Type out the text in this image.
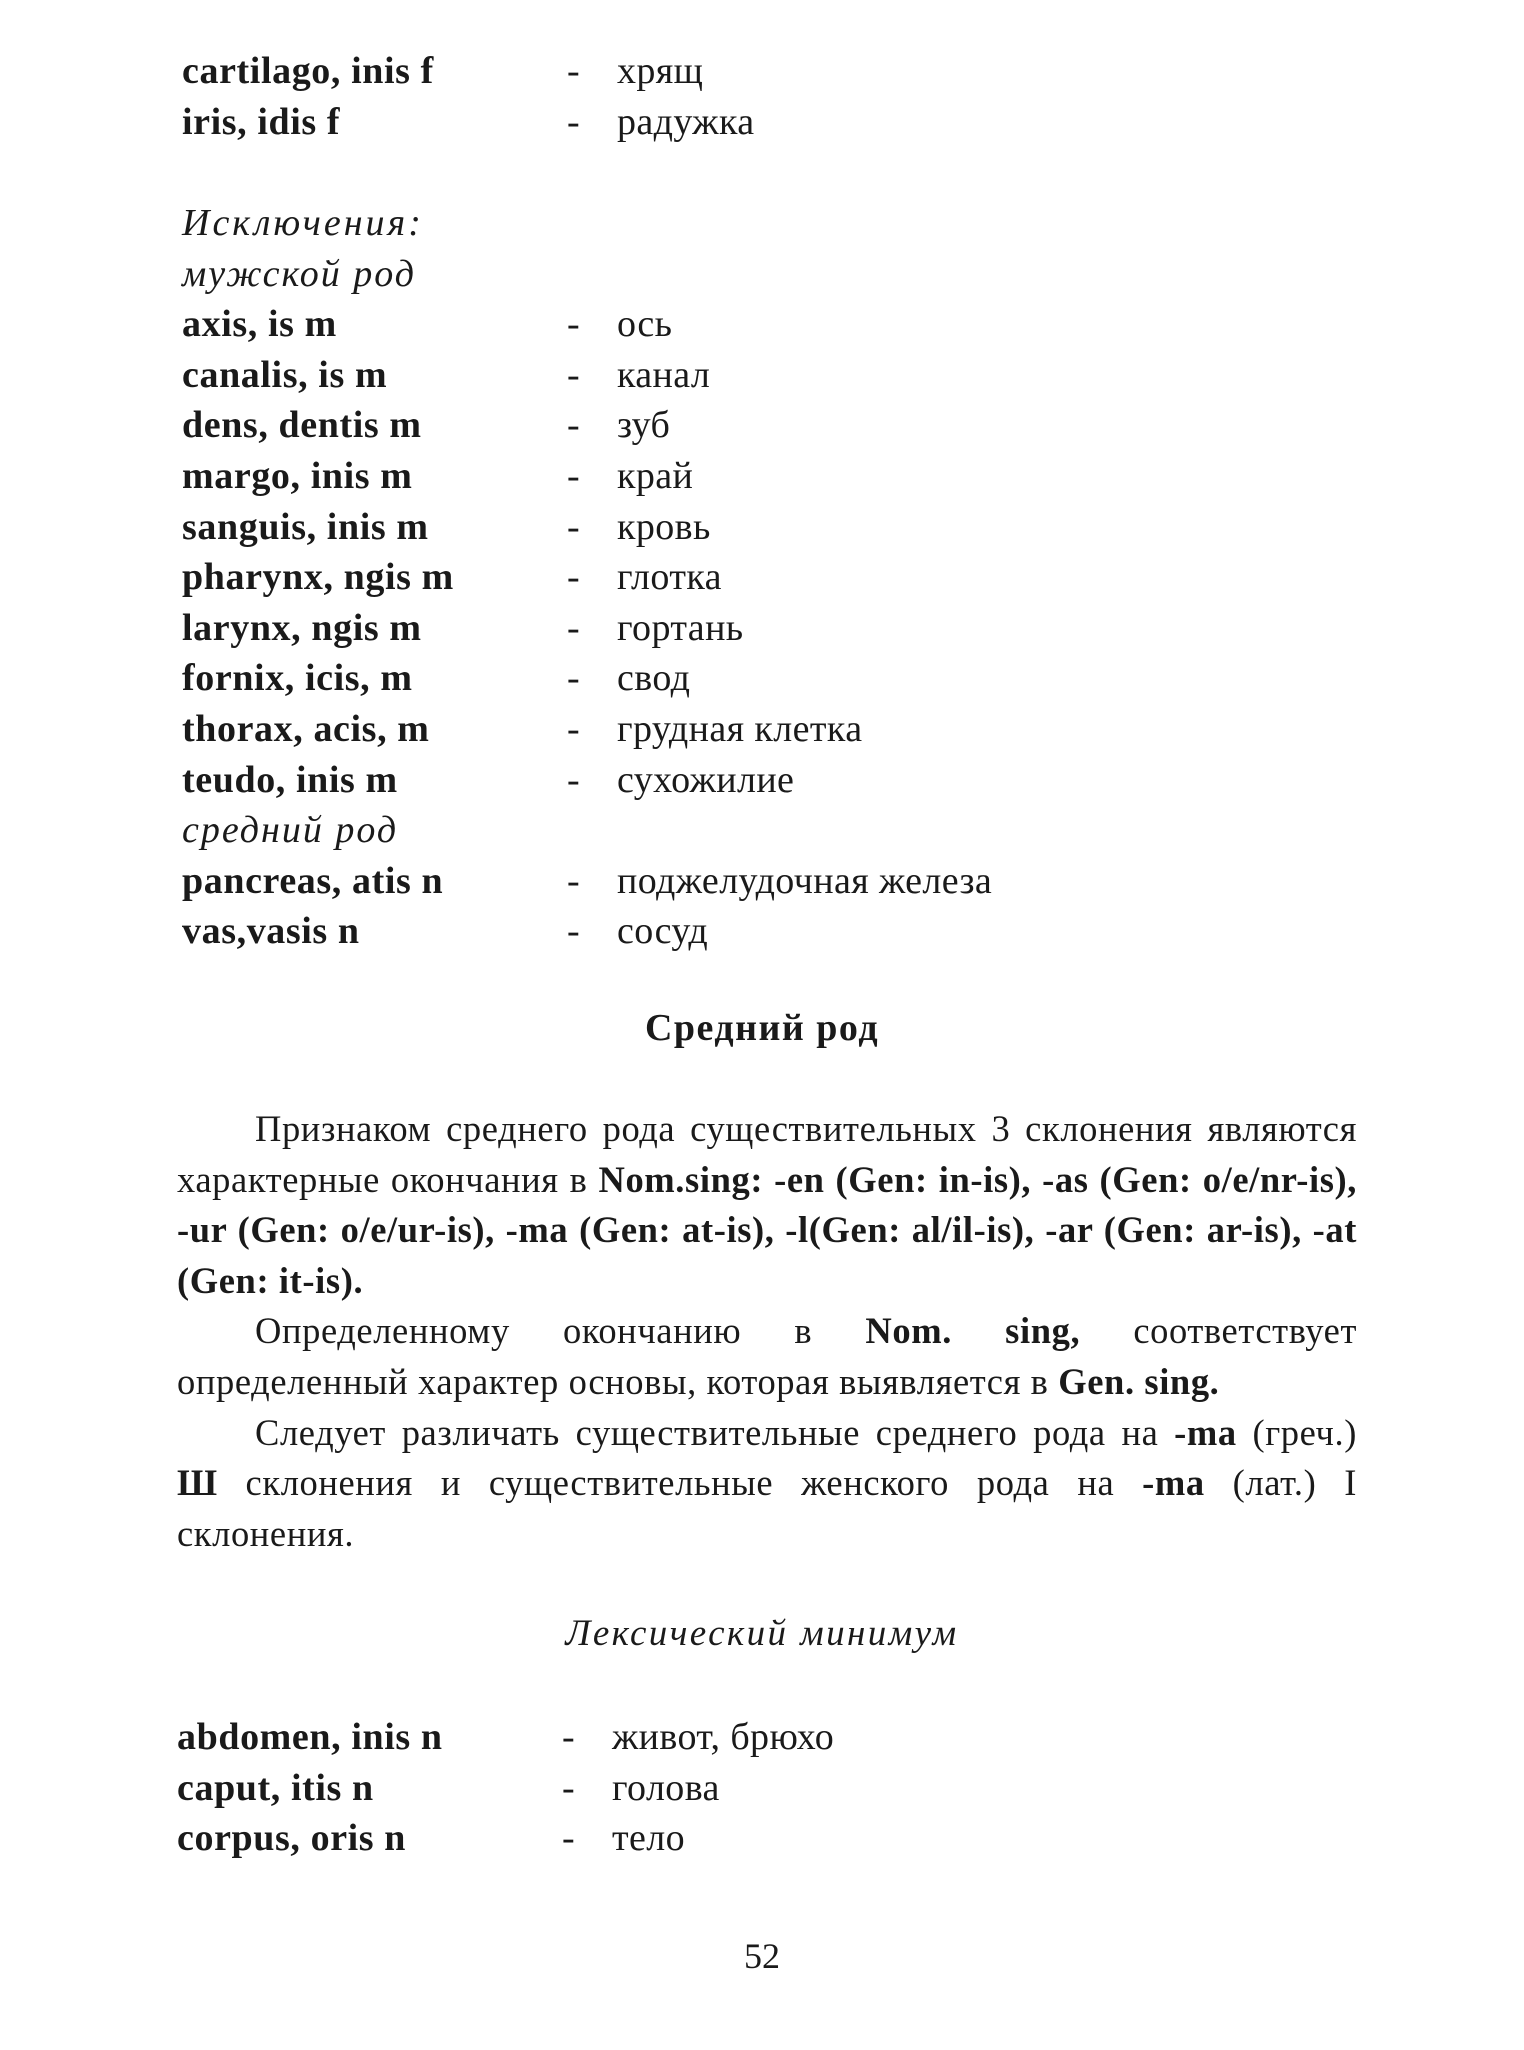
cartilago, inis f	- хрящ
iris, idis f	- радужка
Исключения:
мужской род
axis, is m	- ось
canalis, is m	- канал
dens, dentis m	- зуб
margo, inis m	- край
sanguis, inis m	- кровь
pharynx, ngis m	- глотка
larynx, ngis m	- гортань
fornix, icis, m	- свод
thorax, acis, m	- грудная клетка
teudo, inis m	- сухожилие
средний род
pancreas, atis n	- поджелудочная железа
vas,vasis n	- сосуд
Средний род

Признаком среднего рода существительных 3 склонения являются характерные окончания в Nom.sing: -en (Gen: in-is), -as (Gen: o/e/nr-is), -ur (Gen: o/e/ur-is), -ma (Gen: at-is), -l(Gen: al/il-is), -ar (Gen: ar-is), -at (Gen: it-is).

Определенному окончанию в Nom. sing, соответствует определенный характер основы, которая выявляется в Gen. sing.

Следует различать существительные среднего рода на -ma (греч.) Ш склонения и существительные женского рода на -ma (лат.) I склонения.

Лексический минимум
abdomen, inis n	- живот, брюхо
caput, itis n	- голова
corpus, oris n	- тело
52
